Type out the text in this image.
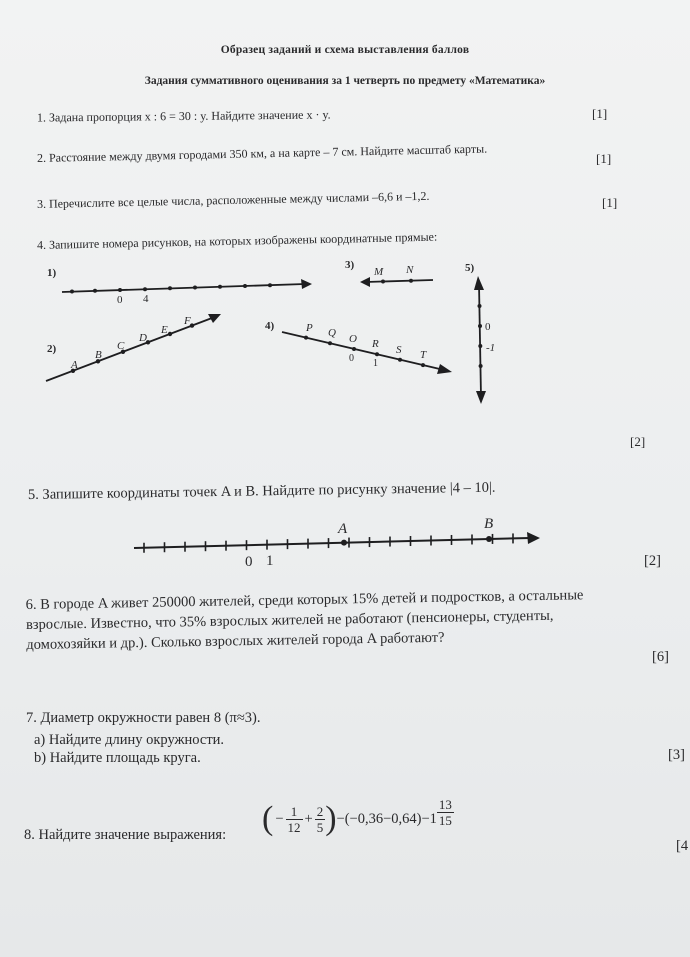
Образец заданий и схема выставления баллов
Задания суммативного оценивания за 1 четверть по предмету «Математика»
1. Задана пропорция x : 6 = 30 : y. Найдите значение x · y.	[1]
2. Расстояние между двумя городами 350 км, а на карте – 7 см. Найдите масштаб карты.	[1]
3. Перечислите все целые числа, расположенные между числами –6,6 и –1,2.	[1]
4. Запишите номера рисунков, на которых изображены координатные прямые:
1)
0 4
2)
A
B
C
D
E
F
3)
M N
4)	P Q O R S T
0 1
5)
0
-1
A	B
0 1
[2]
5. Запишите координаты точек A и B. Найдите по рисунку значение |4 – 10|.
[2]
6. В городе A живет 250000 жителей, среди которых 15% детей и подростков, а остальные
взрослые. Известно, что 35% взрослых жителей не работают (пенсионеры, студенты,
домохозяйки и др.). Сколько взрослых жителей города A работают?
[6]
7. Диаметр окружности равен 8 (π≈3).
a) Найдите длину окружности.
b) Найдите площадь круга.	[3]
8. Найдите значение выражения: ( − $\frac{1}{12} + \frac{2}{5}$ ) $-(-0,36-0,64)-1 \frac{13}{15}$
[4
